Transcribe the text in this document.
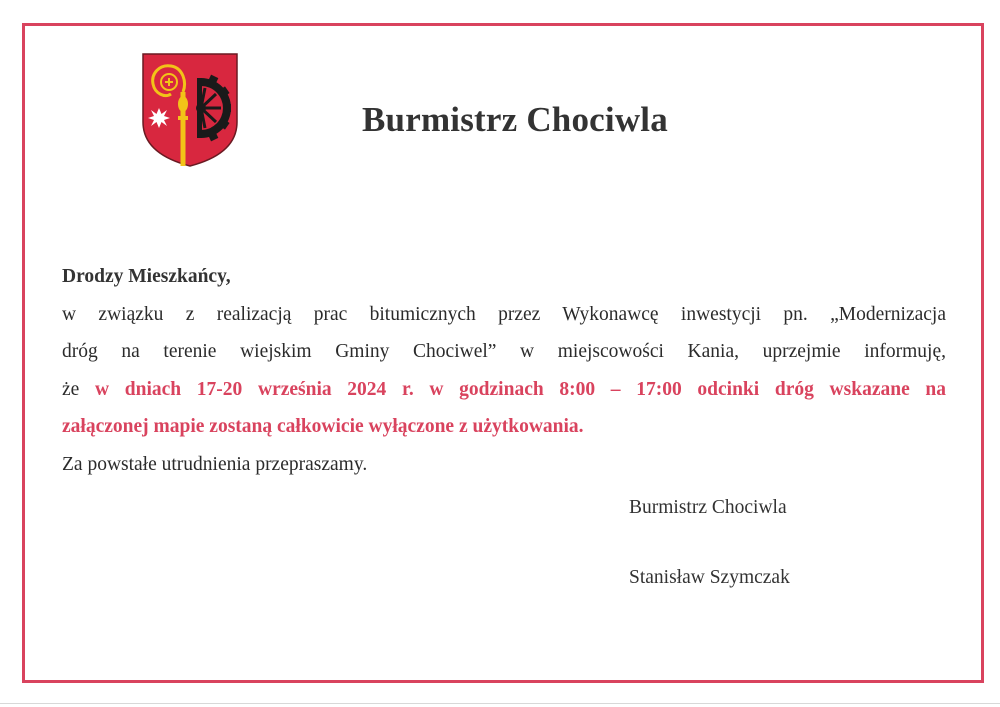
Burmistrz Chociwla
Drodzy Mieszkańcy,
w związku z realizacją prac bitumicznych przez Wykonawcę inwestycji pn. „Modernizacja
dróg na terenie wiejskim Gminy Chociwel” w miejscowości Kania, uprzejmie informuję,
że w dniach 17-20 września 2024 r. w godzinach 8:00 – 17:00 odcinki dróg wskazane na
załączonej mapie zostaną całkowicie wyłączone z użytkowania.
Za powstałe utrudnienia przepraszamy.
Burmistrz Chociwla
Stanisław Szymczak
